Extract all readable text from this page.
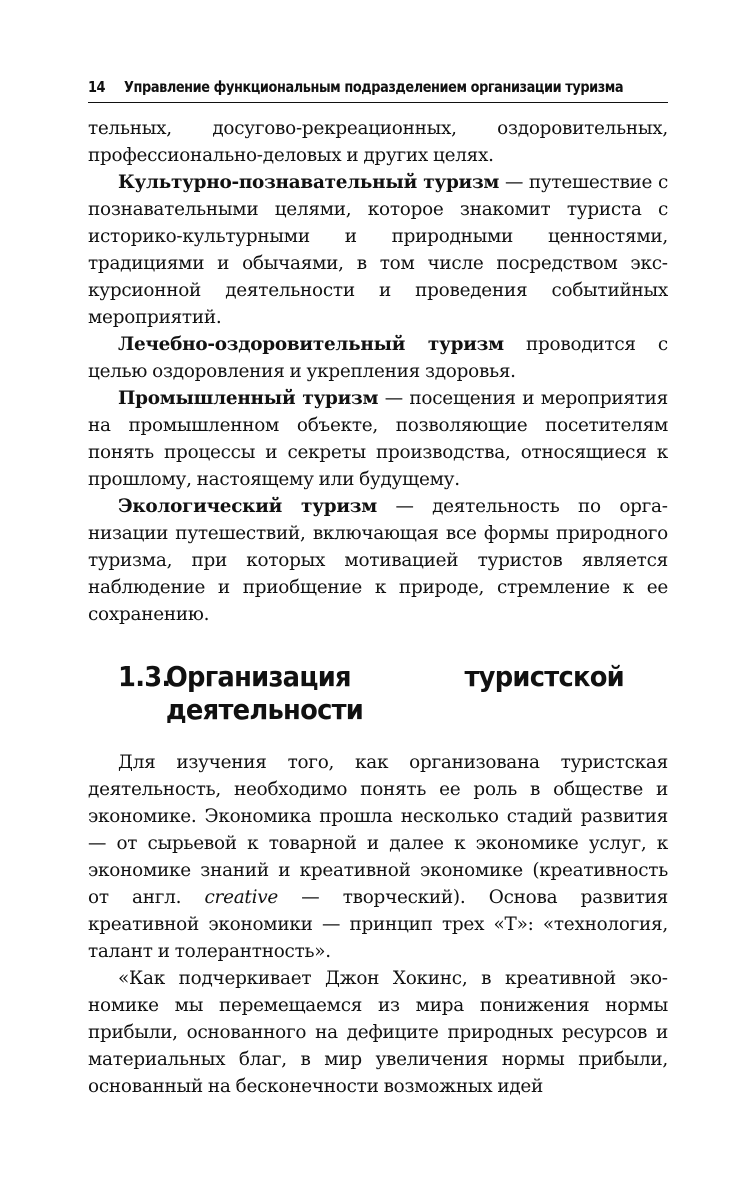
14 Управление функциональным подразделением организации туризма

тельных, досугово-рекреационных, оздоровительных, профессионально-деловых и других целях.

Культурно-познавательный туризм — путешествие с познавательными целями, которое знакомит туриста с историко-культурными и природными ценностями, традициями и обычаями, в том числе посредством экскурсионной деятельности и проведения событийных мероприятий.

Лечебно-оздоровительный туризм проводится с целью оздоровления и укрепления здоровья.

Промышленный туризм — посещения и мероприятия на промышленном объекте, позволяющие посетителям понять процессы и секреты производства, относящиеся к прошлому, настоящему или будущему.

Экологический туризм — деятельность по организации путешествий, включающая все формы природного туризма, при которых мотивацией туристов является наблюдение и приобщение к природе, стремление к ее сохранению.

1.3.
Организация туристской деятельности

Для изучения того, как организована туристская деятельность, необходимо понять ее роль в обществе и экономике. Экономика прошла несколько стадий развития — от сырьевой к товарной и далее к экономике услуг, к экономике знаний и креативной экономике (креативность от англ. creative — творческий). Основа развития креативной экономики — принцип трех «Т»: «технология, талант и толерантность».

«Как подчеркивает Джон Хокинс, в креативной экономике мы перемещаемся из мира понижения нормы прибыли, основанного на дефиците природных ресурсов и материальных благ, в мир увеличения нормы прибыли, основанный на бесконечности возможных идей
